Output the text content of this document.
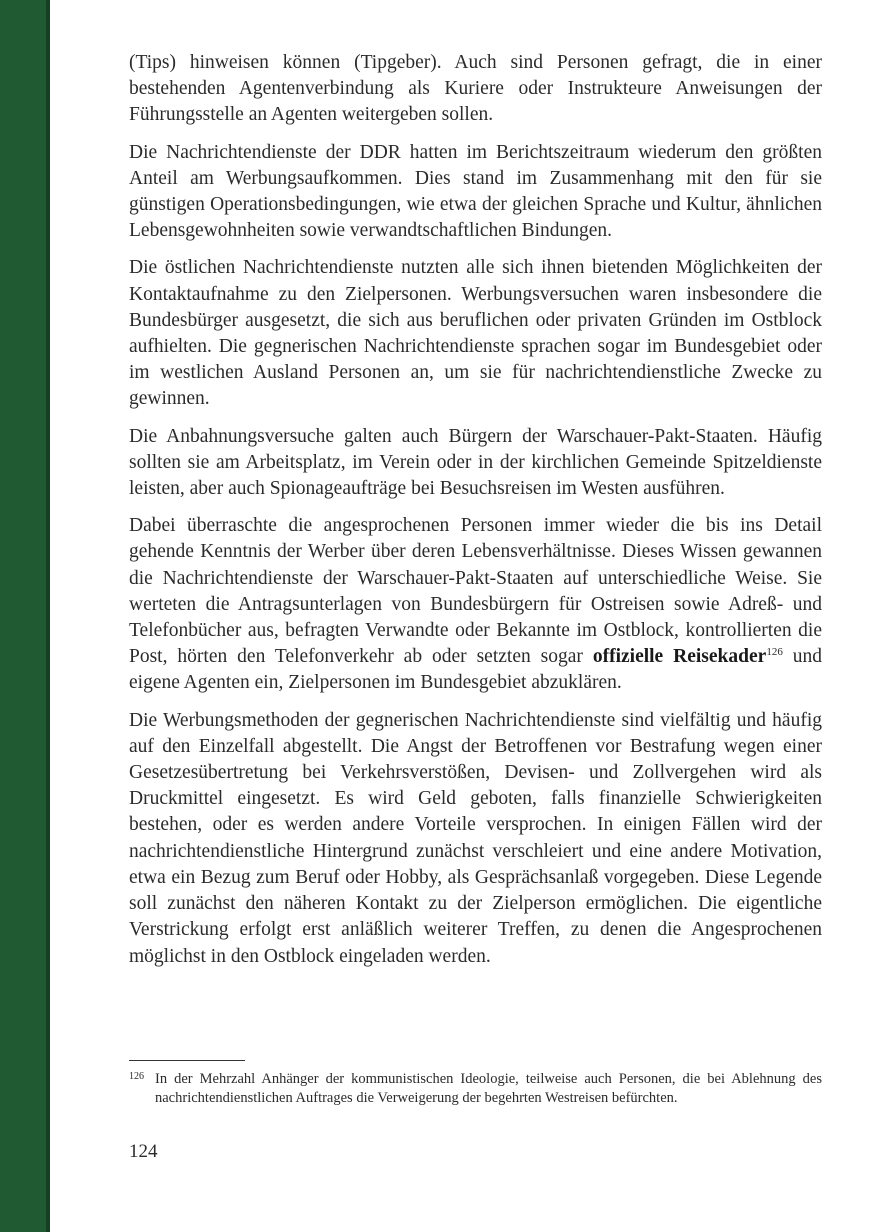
(Tips) hinweisen können (Tipgeber). Auch sind Personen gefragt, die in einer bestehenden Agentenverbindung als Kuriere oder Instrukteure Anweisungen der Führungsstelle an Agenten weitergeben sollen.

Die Nachrichtendienste der DDR hatten im Berichtszeitraum wiederum den größten Anteil am Werbungsaufkommen. Dies stand im Zusammenhang mit den für sie günstigen Operationsbedingungen, wie etwa der gleichen Sprache und Kultur, ähnlichen Lebensgewohnheiten sowie verwandtschaftlichen Bindungen.

Die östlichen Nachrichtendienste nutzten alle sich ihnen bietenden Möglichkeiten der Kontaktaufnahme zu den Zielpersonen. Werbungsversuchen waren insbesondere die Bundesbürger ausgesetzt, die sich aus beruflichen oder privaten Gründen im Ostblock aufhielten. Die gegnerischen Nachrichtendienste sprachen sogar im Bundesgebiet oder im westlichen Ausland Personen an, um sie für nachrichtendienstliche Zwecke zu gewinnen.

Die Anbahnungsversuche galten auch Bürgern der Warschauer-Pakt-Staaten. Häufig sollten sie am Arbeitsplatz, im Verein oder in der kirchlichen Gemeinde Spitzeldienste leisten, aber auch Spionageaufträge bei Besuchsreisen im Westen ausführen.

Dabei überraschte die angesprochenen Personen immer wieder die bis ins Detail gehende Kenntnis der Werber über deren Lebensverhältnisse. Dieses Wissen gewannen die Nachrichtendienste der Warschauer-Pakt-Staaten auf unterschiedliche Weise. Sie werteten die Antragsunterlagen von Bundesbürgern für Ostreisen sowie Adreß- und Telefonbücher aus, befragten Verwandte oder Bekannte im Ostblock, kontrollierten die Post, hörten den Telefonverkehr ab oder setzten sogar offizielle Reisekader$^{126}$ und eigene Agenten ein, Zielpersonen im Bundesgebiet abzuklären.

Die Werbungsmethoden der gegnerischen Nachrichtendienste sind vielfältig und häufig auf den Einzelfall abgestellt. Die Angst der Betroffenen vor Bestrafung wegen einer Gesetzesübertretung bei Verkehrsverstößen, Devisen- und Zollvergehen wird als Druckmittel eingesetzt. Es wird Geld geboten, falls finanzielle Schwierigkeiten bestehen, oder es werden andere Vorteile versprochen. In einigen Fällen wird der nachrichtendienstliche Hintergrund zunächst verschleiert und eine andere Motivation, etwa ein Bezug zum Beruf oder Hobby, als Gesprächsanlaß vorgegeben. Diese Legende soll zunächst den näheren Kontakt zu der Zielperson ermöglichen. Die eigentliche Verstrickung erfolgt erst anläßlich weiterer Treffen, zu denen die Angesprochenen möglichst in den Ostblock eingeladen werden.

126 In der Mehrzahl Anhänger der kommunistischen Ideologie, teilweise auch Personen, die bei Ablehnung des nachrichtendienstlichen Auftrages die Verweigerung der begehrten Westreisen befürchten.
124
